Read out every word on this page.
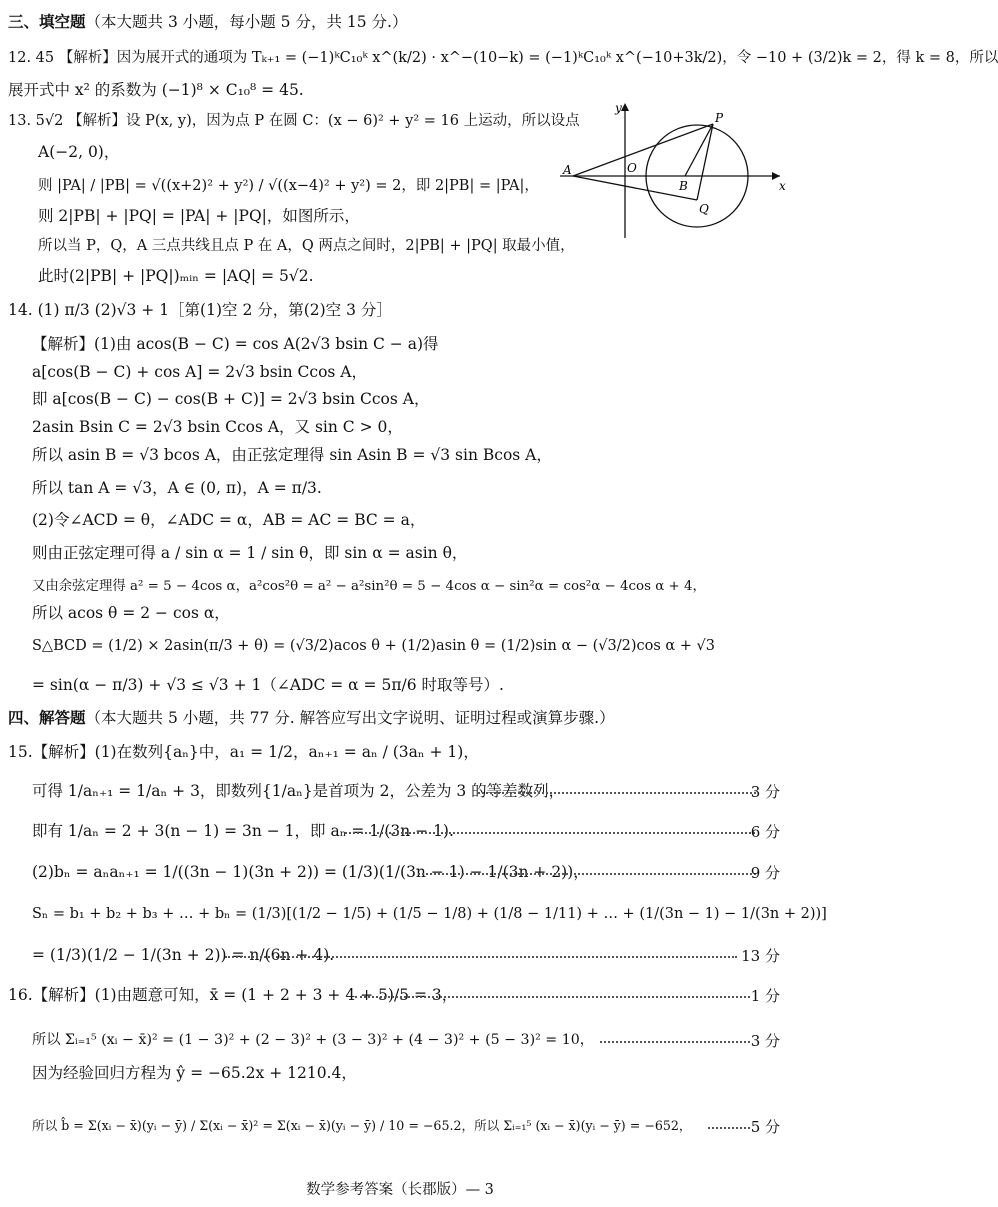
三、填空题（本大题共 3 小题，每小题 5 分，共 15 分.）
12. 45 【解析】因为展开式的通项为 Tₖ₊₁ = (−1)ᵏC₁₀ᵏ x^(k/2) · x^−(10−k) = (−1)ᵏC₁₀ᵏ x^(−10+3k/2)，令 −10 + (3/2)k = 2，得 k = 8，所以
展开式中 x² 的系数为 (−1)⁸ × C₁₀⁸ = 45.
13. 5√2 【解析】设 P(x, y)，因为点 P 在圆 C：(x − 6)² + y² = 16 上运动，所以设点
A(−2, 0)，
则 |PA| / |PB| = √((x+2)² + y²) / √((x−4)² + y²) = 2，即 2|PB| = |PA|，
则 2|PB| + |PQ| = |PA| + |PQ|，如图所示，
所以当 P，Q，A 三点共线且点 P 在 A，Q 两点之间时，2|PB| + |PQ| 取最小值，
此时(2|PB| + |PQ|)ₘᵢₙ = |AQ| = 5√2.
y
x
A	O
B
P
Q
14. (1) π/3 (2)√3 + 1［第(1)空 2 分，第(2)空 3 分］
【解析】(1)由 acos(B − C) = cos A(2√3 bsin C − a)得
a[cos(B − C) + cos A] = 2√3 bsin Ccos A，
即 a[cos(B − C) − cos(B + C)] = 2√3 bsin Ccos A，
2asin Bsin C = 2√3 bsin Ccos A，又 sin C > 0，
所以 asin B = √3 bcos A，由正弦定理得 sin Asin B = √3 sin Bcos A，
所以 tan A = √3，A ∈ (0, π)，A = π/3.
(2)令∠ACD = θ，∠ADC = α，AB = AC = BC = a，
则由正弦定理可得 a / sin α = 1 / sin θ，即 sin α = asin θ，
又由余弦定理得 a² = 5 − 4cos α，a²cos²θ = a² − a²sin²θ = 5 − 4cos α − sin²α = cos²α − 4cos α + 4，
所以 acos θ = 2 − cos α，
S△BCD = (1/2) × 2asin(π/3 + θ) = (√3/2)acos θ + (1/2)asin θ = (1/2)sin α − (√3/2)cos α + √3
= sin(α − π/3) + √3 ≤ √3 + 1（∠ADC = α = 5π/6 时取等号）.
四、解答题（本大题共 5 小题，共 77 分. 解答应写出文字说明、证明过程或演算步骤.）
15.【解析】(1)在数列{aₙ}中，a₁ = 1/2，aₙ₊₁ = aₙ / (3aₙ + 1)，
可得 1/aₙ₊₁ = 1/aₙ + 3，即数列{1/aₙ}是首项为 2，公差为 3 的等差数列，	3 分
即有 1/aₙ = 2 + 3(n − 1) = 3n − 1，即 aₙ = 1/(3n − 1).	6 分
(2)bₙ = aₙaₙ₊₁ = 1/((3n − 1)(3n + 2)) = (1/3)(1/(3n − 1) − 1/(3n + 2))，	9 分
Sₙ = b₁ + b₂ + b₃ + … + bₙ = (1/3)[(1/2 − 1/5) + (1/5 − 1/8) + (1/8 − 1/11) + … + (1/(3n − 1) − 1/(3n + 2))]
= (1/3)(1/2 − 1/(3n + 2)) = n/(6n + 4).	13 分
16.【解析】(1)由题意可知，x̄ = (1 + 2 + 3 + 4 + 5)/5 = 3，	1 分
所以 Σᵢ₌₁⁵ (xᵢ − x̄)² = (1 − 3)² + (2 − 3)² + (3 − 3)² + (4 − 3)² + (5 − 3)² = 10，	3 分
因为经验回归方程为 ŷ = −65.2x + 1210.4，
所以 b̂ = Σ(xᵢ − x̄)(yᵢ − ȳ) / Σ(xᵢ − x̄)² = Σ(xᵢ − x̄)(yᵢ − ȳ) / 10 = −65.2，所以 Σᵢ₌₁⁵ (xᵢ − x̄)(yᵢ − ȳ) = −652，	5 分
数学参考答案（长郡版）— 3
